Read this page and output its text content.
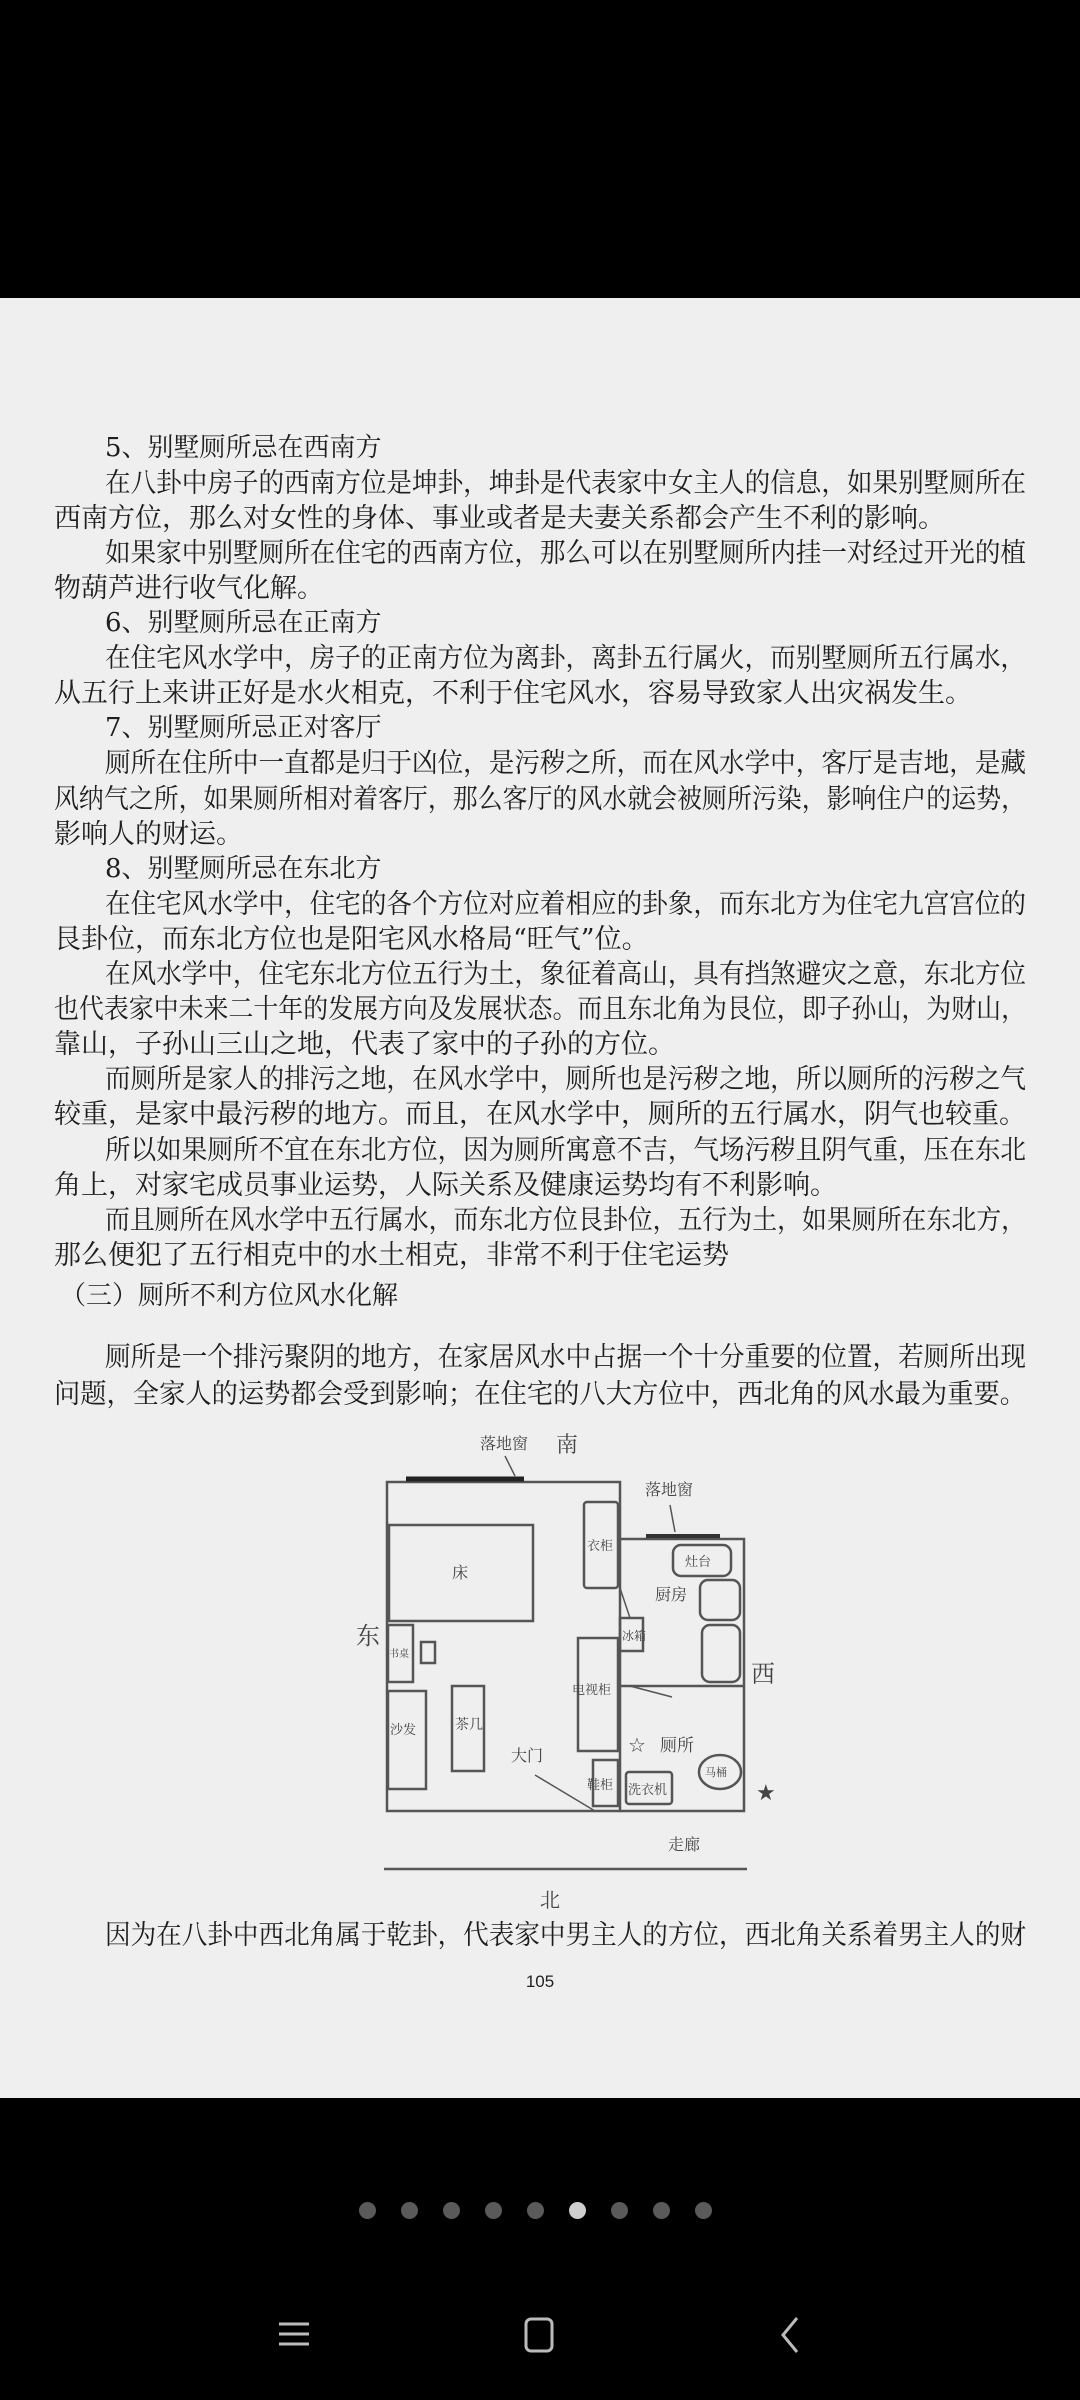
5、别墅厕所忌在西南方
在八卦中房子的西南方位是坤卦，坤卦是代表家中女主人的信息，如果别墅厕所在
西南方位，那么对女性的身体、事业或者是夫妻关系都会产生不利的影响。
如果家中别墅厕所在住宅的西南方位，那么可以在别墅厕所内挂一对经过开光的植
物葫芦进行收气化解。
6、别墅厕所忌在正南方
在住宅风水学中，房子的正南方位为离卦，离卦五行属火，而别墅厕所五行属水，
从五行上来讲正好是水火相克，不利于住宅风水，容易导致家人出灾祸发生。
7、别墅厕所忌正对客厅
厕所在住所中一直都是归于凶位，是污秽之所，而在风水学中，客厅是吉地，是藏
风纳气之所，如果厕所相对着客厅，那么客厅的风水就会被厕所污染，影响住户的运势，
影响人的财运。
8、别墅厕所忌在东北方
在住宅风水学中，住宅的各个方位对应着相应的卦象，而东北方为住宅九宫宫位的
艮卦位，而东北方位也是阳宅风水格局“旺气”位。
在风水学中，住宅东北方位五行为土，象征着高山，具有挡煞避灾之意，东北方位
也代表家中未来二十年的发展方向及发展状态。而且东北角为艮位，即子孙山，为财山，
靠山，子孙山三山之地，代表了家中的子孙的方位。
而厕所是家人的排污之地，在风水学中，厕所也是污秽之地，所以厕所的污秽之气
较重，是家中最污秽的地方。而且，在风水学中，厕所的五行属水，阴气也较重。
所以如果厕所不宜在东北方位，因为厕所寓意不吉，气场污秽且阴气重，压在东北
角上，对家宅成员事业运势，人际关系及健康运势均有不利影响。
而且厕所在风水学中五行属水，而东北方位艮卦位，五行为土，如果厕所在东北方，
那么便犯了五行相克中的水土相克，非常不利于住宅运势
（三）厕所不利方位风水化解
厕所是一个排污聚阴的地方，在家居风水中占据一个十分重要的位置，若厕所出现
问题，全家人的运势都会受到影响；在住宅的八大方位中，西北角的风水最为重要。
因为在八卦中西北角属于乾卦，代表家中男主人的方位，西北角关系着男主人的财
落地窗 南
落地窗
衣柜
灶台
床
厨房
东	冰箱
书桌
西
电视柜
沙发	茶几
☆ 厕所
大门
马桶
鞋柜 洗衣机	★
走廊
北
105
